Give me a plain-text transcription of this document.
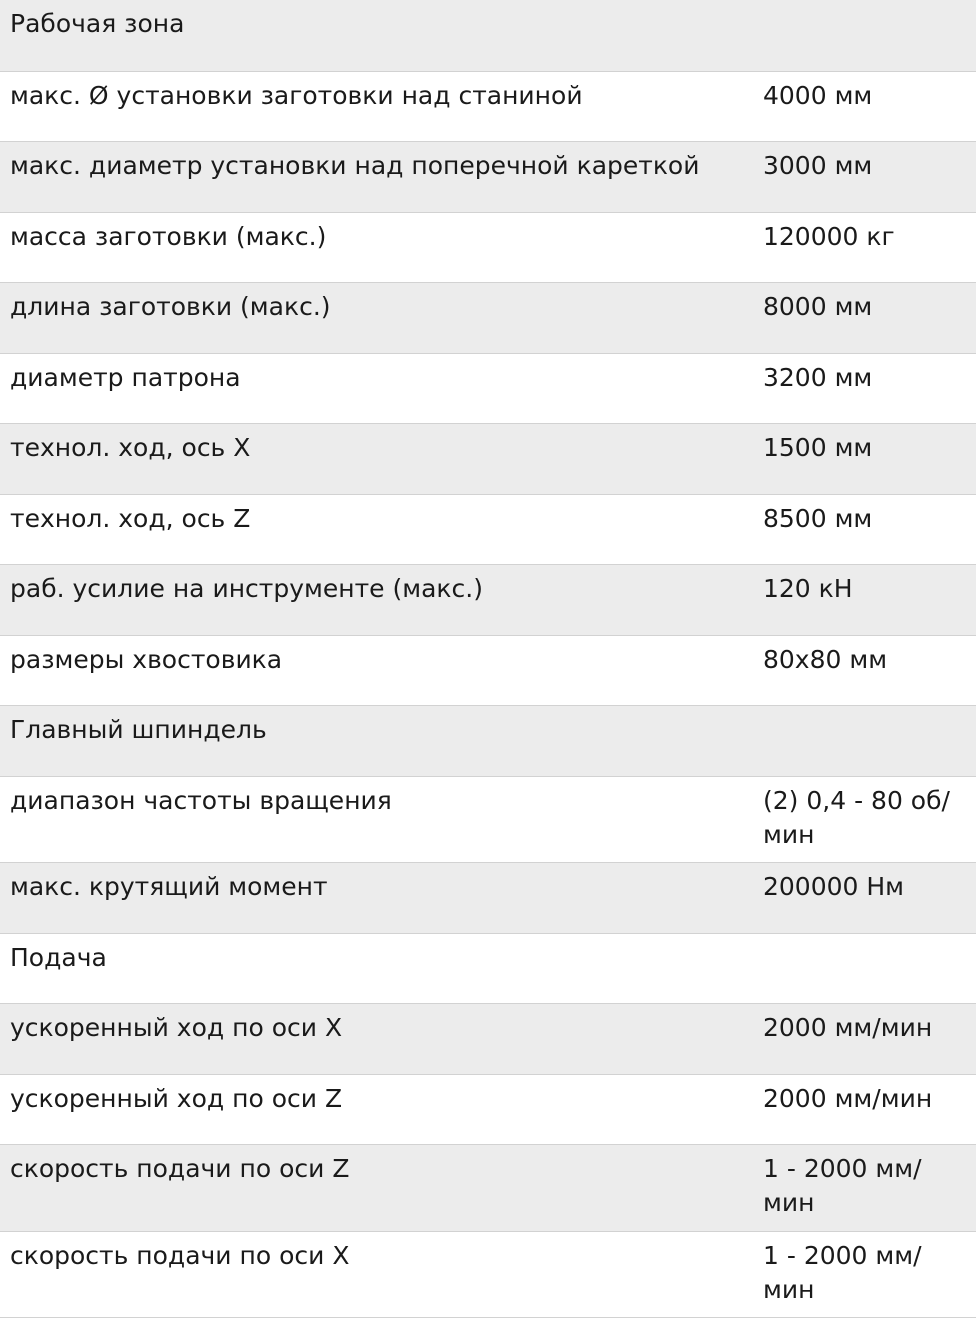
Рабочая зона	
макс. Ø установки заготовки над станиной	4000 мм
макс. диаметр установки над поперечной кареткой	3000 мм
масса заготовки (макс.)	120000 кг
длина заготовки (макс.)	8000 мм
диаметр патрона	3200 мм
технол. ход, ось X	1500 мм
технол. ход, ось Z	8500 мм
раб. усилие на инструменте (макс.)	120 кН
размеры хвостовика	80x80 мм
Главный шпиндель	
диапазон частоты вращения	(2) 0,4 - 80 об/мин
макс. крутящий момент	200000 Нм
Подача	
ускоренный ход по оси X	2000 мм/мин
ускоренный ход по оси Z	2000 мм/мин
скорость подачи по оси Z	1 - 2000 мм/мин
скорость подачи по оси X	1 - 2000 мм/мин
